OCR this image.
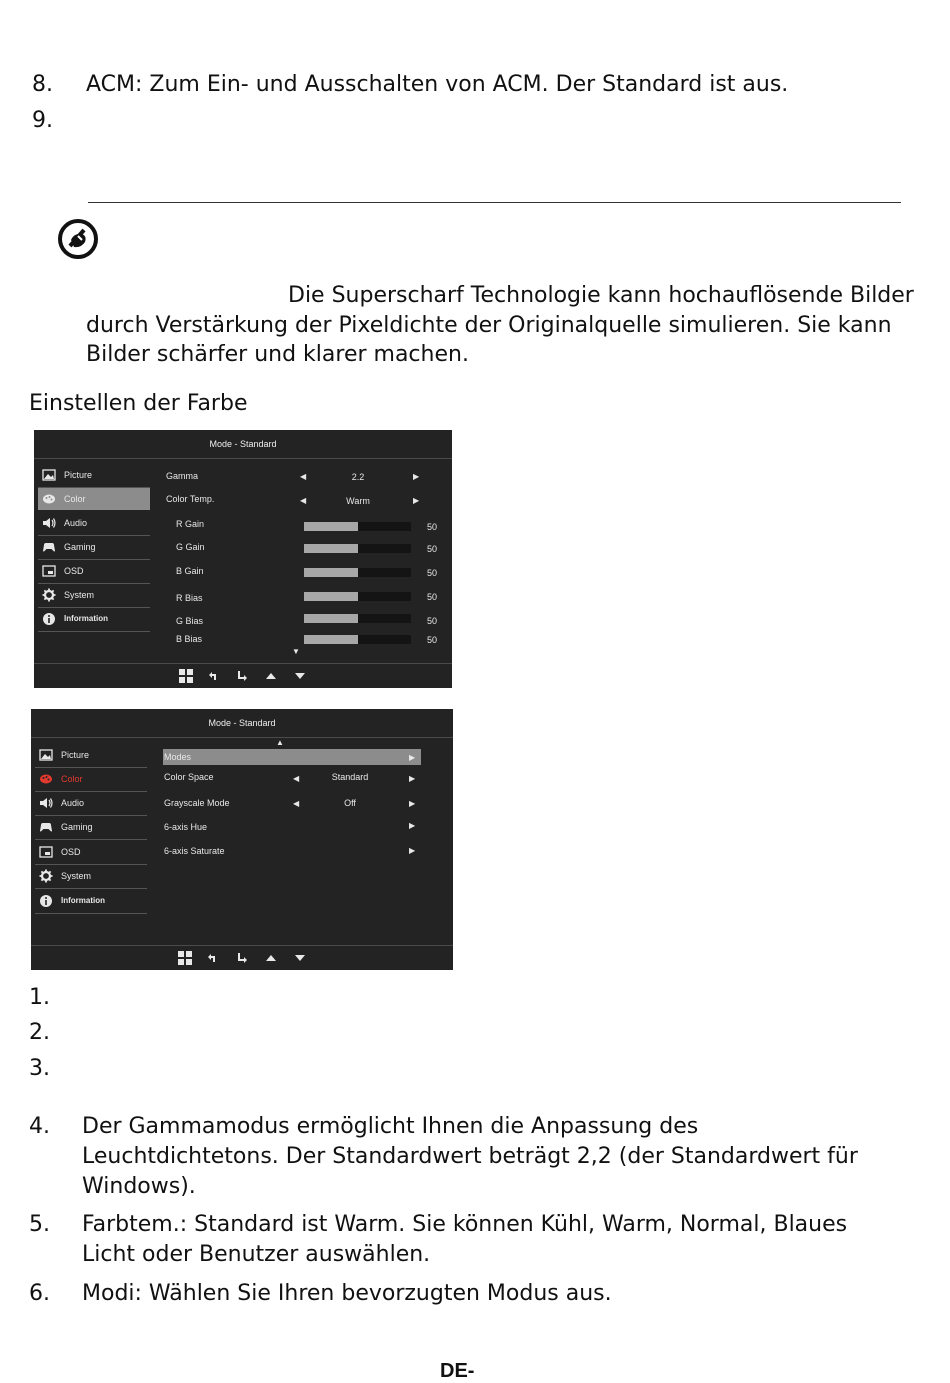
8. ACM: Zum Ein- und Ausschalten von ACM. Der Standard ist aus.
9.
Die Superscharf Technologie kann hochauflösende Bilder
durch Verstärkung der Pixeldichte der Originalquelle simulieren. Sie kann
Bilder schärfer und klarer machen.
Einstellen der Farbe
Mode - Standard
Picture
Color
Audio
Gaming
OSD
System
Information
Gamma	◀	2.2	▶
Color Temp.	◀	Warm	▶
R Gain	50
G Gain	50
B Gain	50
R Bias	50
G Bias	50
B Bias	50
▼
Mode - Standard
▲
Picture
Color
Audio
Gaming
OSD
System
Information
Modes	▶
Color Space	◀	Standard	▶
Grayscale Mode	◀	Off	▶
6-axis Hue	▶
6-axis Saturate	▶
1.
2.
3.
4. Der Gammamodus ermöglicht Ihnen die Anpassung des
Leuchtdichtetons. Der Standardwert beträgt 2,2 (der Standardwert für
Windows).
5. Farbtem.: Standard ist Warm. Sie können Kühl, Warm, Normal, Blaues
Licht oder Benutzer auswählen.
6. Modi: Wählen Sie Ihren bevorzugten Modus aus.
DE-
